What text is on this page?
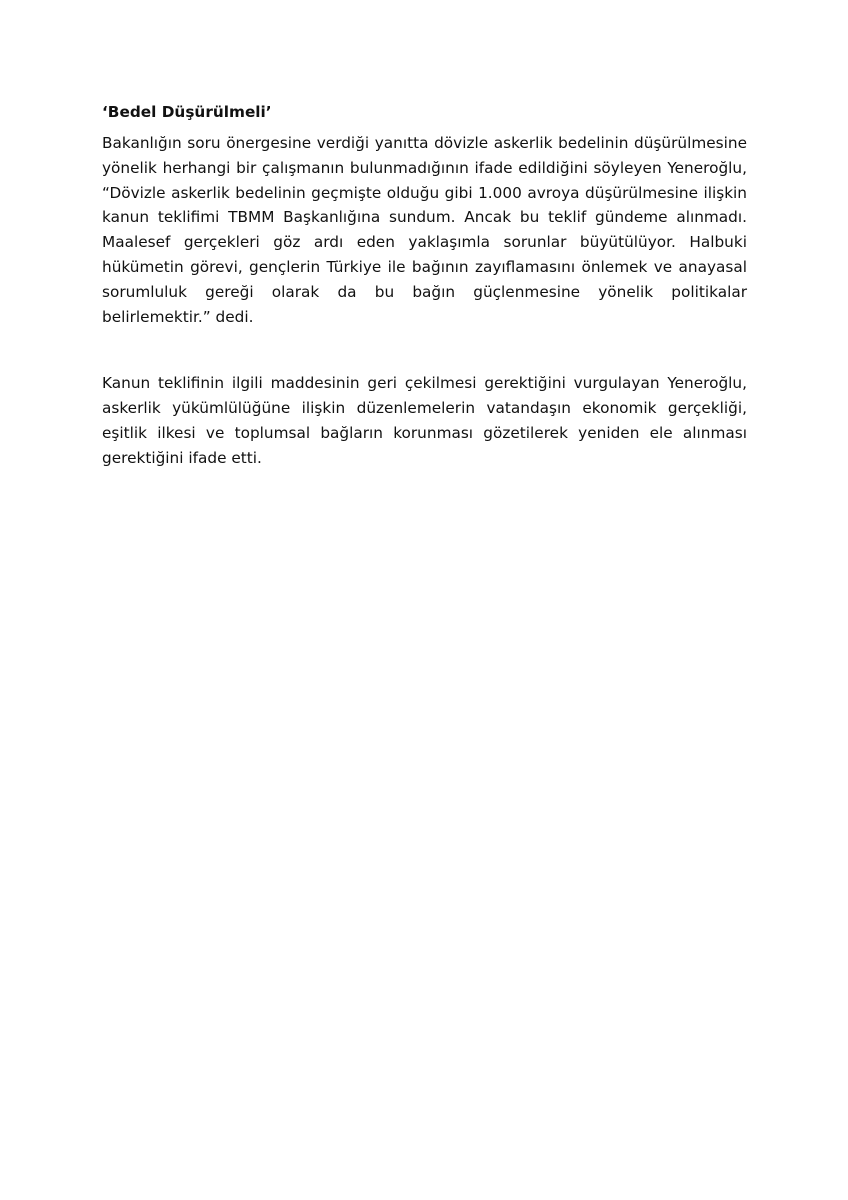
‘Bedel Düşürülmeli’

Bakanlığın soru önergesine verdiği yanıtta dövizle askerlik bedelinin düşürülmesine yönelik herhangi bir çalışmanın bulunmadığının ifade edildiğini söyleyen Yeneroğlu, “Dövizle askerlik bedelinin geçmişte olduğu gibi 1.000 avroya düşürülmesine ilişkin kanun teklifimi TBMM Başkanlığına sundum. Ancak bu teklif gündeme alınmadı. Maalesef gerçekleri göz ardı eden yaklaşımla sorunlar büyütülüyor. Halbuki hükümetin görevi, gençlerin Türkiye ile bağının zayıflamasını önlemek ve anayasal sorumluluk gereği olarak da bu bağın güçlenmesine yönelik politikalar belirlemektir.” dedi.

Kanun teklifinin ilgili maddesinin geri çekilmesi gerektiğini vurgulayan Yeneroğlu, askerlik yükümlülüğüne ilişkin düzenlemelerin vatandaşın ekonomik gerçekliği, eşitlik ilkesi ve toplumsal bağların korunması gözetilerek yeniden ele alınması gerektiğini ifade etti.
